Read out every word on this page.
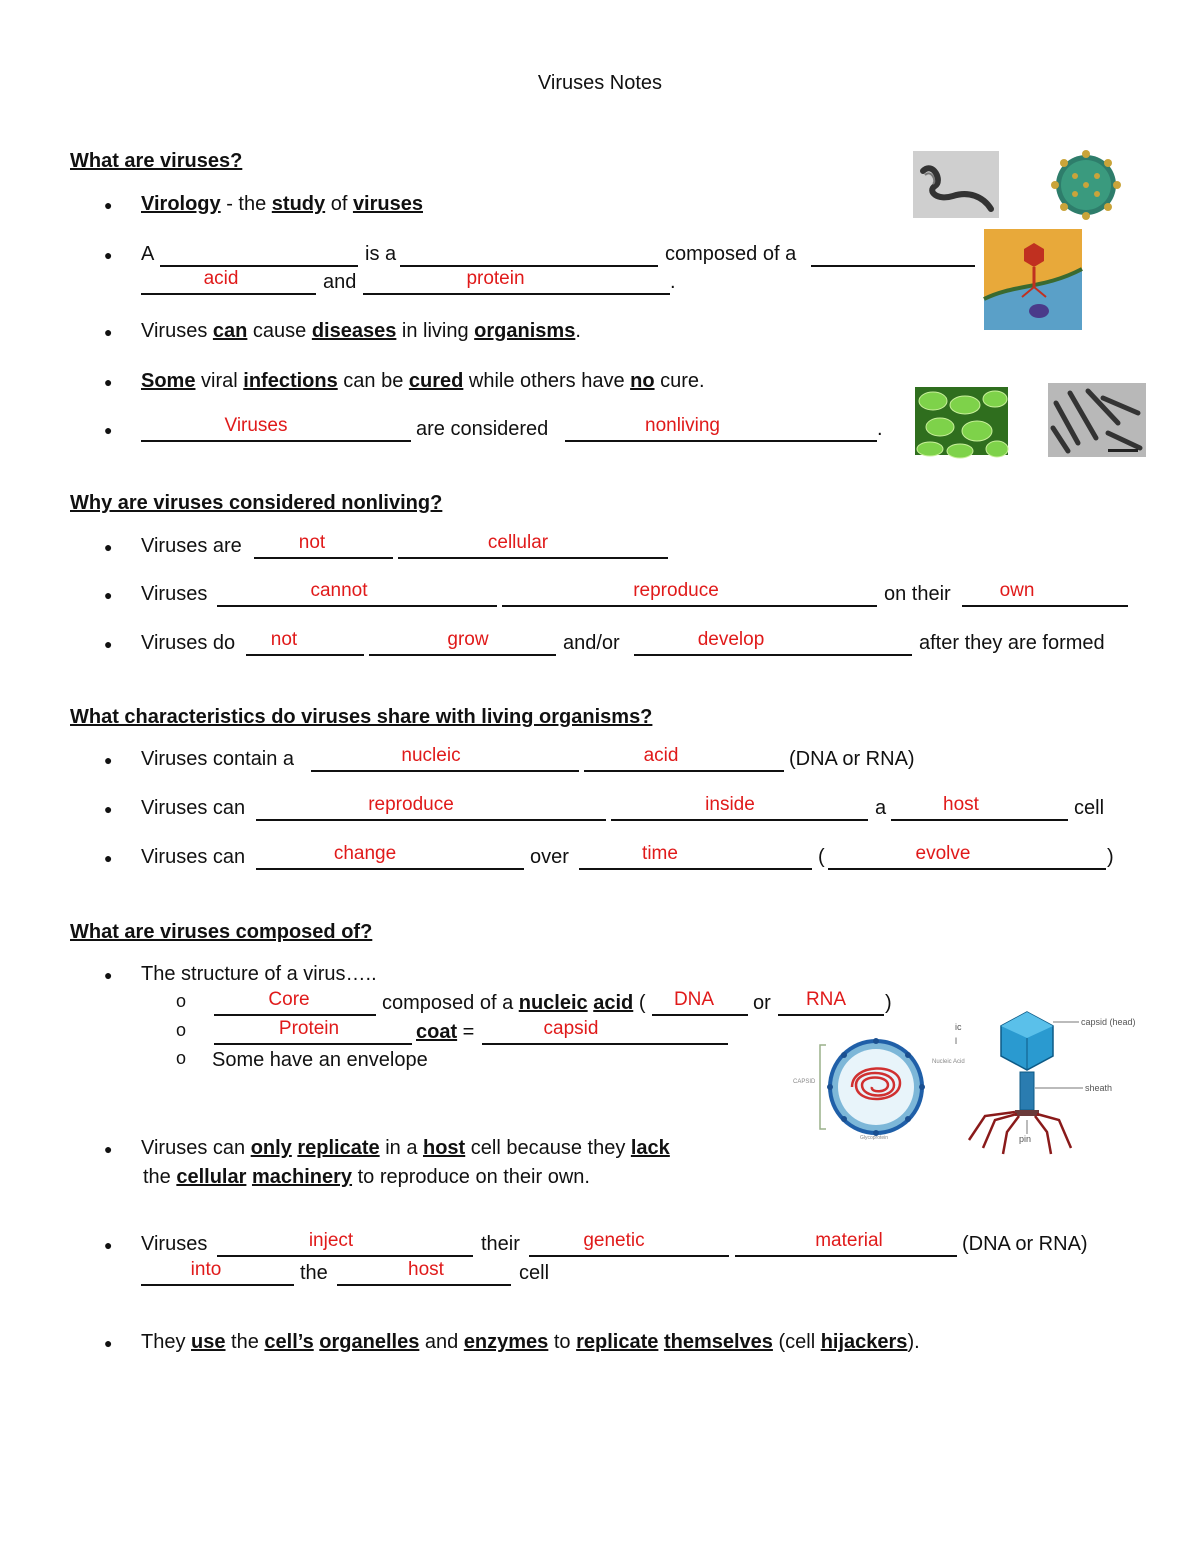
Viruses Notes
What are viruses?
● Virology - the study of viruses
● A	is a	composed of a
acid	and	protein	.
● Viruses can cause diseases in living organisms.
● Some viral infections can be cured while others have no cure.
●	Viruses	are considered	nonliving	.
Why are viruses considered nonliving?
● Viruses are	not	cellular
● Viruses	cannot	reproduce	on their	own
● Viruses do	not	grow	and/or	develop	after they are formed
What characteristics do viruses share with living organisms?
● Viruses contain a	nucleic	acid	(DNA or RNA)
● Viruses can	reproduce	inside	a	host	cell
● Viruses can	change	over	time	(	evolve	)
What are viruses composed of?
● The structure of a virus…..
o	Core	composed of a nucleic acid (	DNA	or	RNA	)
o	Protein	coat =	capsid
o Some have an envelope
● Viruses can only replicate in a host cell because they lack
the cellular machinery to reproduce on their own.
● Viruses	inject	their	genetic	material	(DNA or RNA)
into	the	host	cell
● They use the cell’s organelles and enzymes to replicate themselves (cell hijackers).
CAPSID
Nucleic Acid
Glycoprotein
ic
l
capsid (head)
sheath
pin
